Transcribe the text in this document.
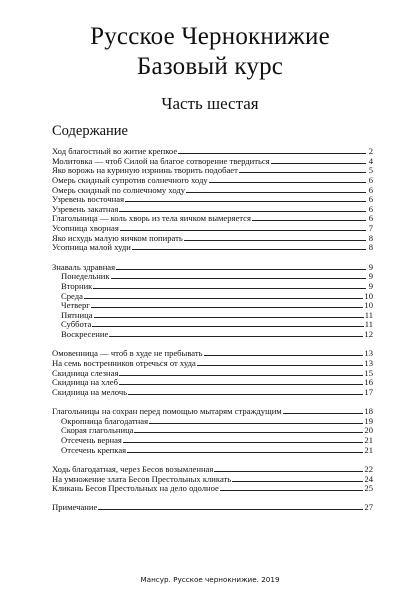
Русское Чернокнижие
Базовый курс
Часть шестая
Содержание
Ход благостный во житие крепкое	2
Молитовка — чтоб Силой на благое сотворение твердиться	4
Яко ворожь на куриную изрнинь творить подобает	5
Омерь скидный супротив солнечного ходу	6
Омерь скидный по солнечному ходу	6
Узревень восточная	6
Узревень закатная	6
Глагольница — коль хворь из тела яичком вымеряется	6
Усопница хворная	7
Яко исхудь малую яичком попирать	8
Усопница малой худи	8
Знаваль здравная	9
Понедельник	9
Вторник	9
Среда	10
Четверг	10
Пятница	11
Суббота	11
Воскресение	12
Омовенница — чтоб в худе не пребывать	13
На семь востренников отречься от худа	13
Скидница слезная	15
Скидница на хлеб	16
Скидница на мелочь	17
Глагольницы на сохран перед помощью мытарям страждущим	18
Окропница благодатная	19
Скорая глагольница	20
Отсечень верная	21
Отсечень крепкая	21
Ходь благодатная, через Бесов возымленная	22
На умножение злата Бесов Престольных кликать	24
Кликань Бесов Престольных на дело одолное	25
Примечание	27
Мансур. Русское чернокнижие. 2019
